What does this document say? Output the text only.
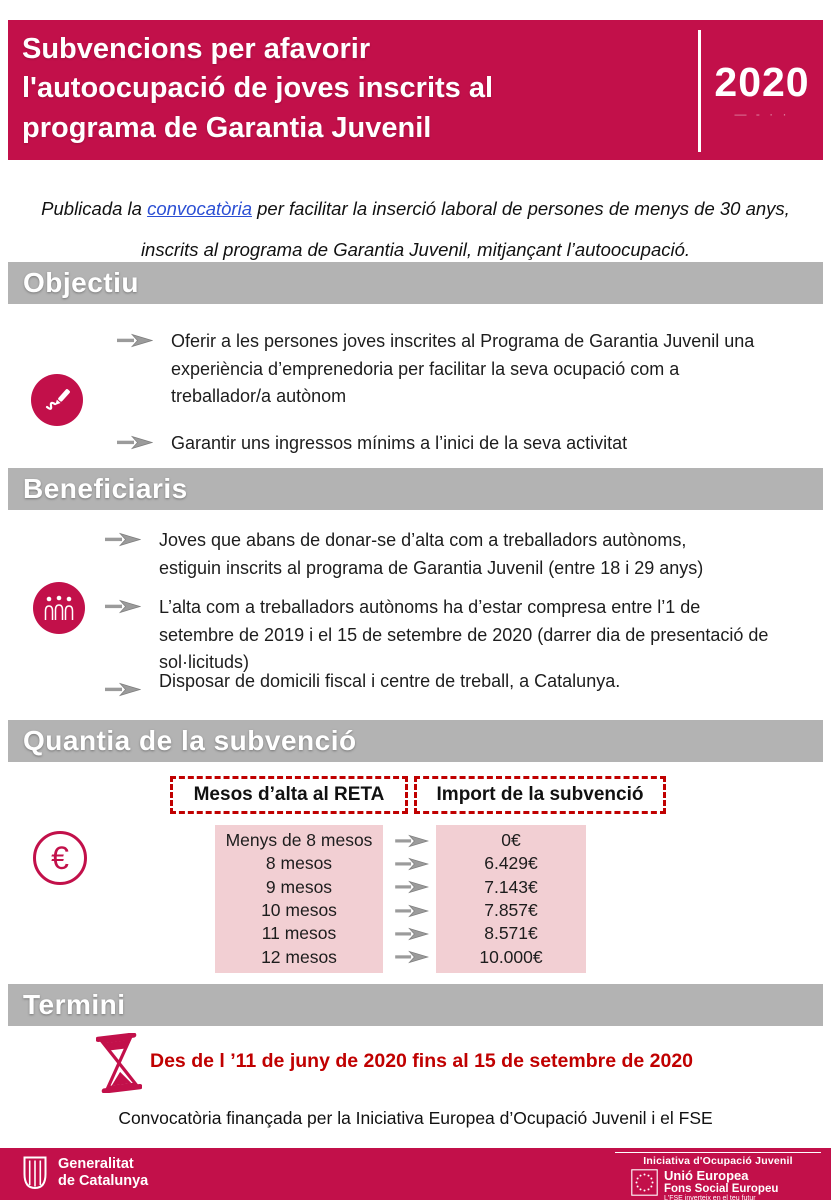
Subvencions per afavorir
l'autoocupació de joves inscrits al
programa de Garantia Juvenil
2020
— - · ·
Publicada la convocatòria per facilitar la inserció laboral de persones de menys de 30 anys,
inscrits al programa de Garantia Juvenil, mitjançant l’autoocupació.
Objectiu
Beneficiaris
Quantia de la subvenció
Termini
Oferir a les persones joves inscrites al Programa de Garantia Juvenil una experiència d’emprenedoria per facilitar la seva ocupació com a treballador/a autònom
Garantir uns ingressos mínims a l’inici de la seva activitat
Joves que abans de donar-se d’alta com a treballadors autònoms, estiguin inscrits al programa de Garantia Juvenil (entre 18 i 29 anys)
L’alta com a treballadors autònoms ha d’estar compresa entre l’1 de setembre de 2019 i el 15 de setembre de 2020 (darrer dia de presentació de sol·licituds)
Disposar de domicili fiscal i centre de treball, a Catalunya.
€
Mesos d’alta al RETA	Import de la subvenció
Menys de 8 mesos
8 mesos
9 mesos
10 mesos
11 mesos
12 mesos
0€
6.429€
7.143€
7.857€
8.571€
10.000€
Des de l ’11 de juny de 2020 fins al 15 de setembre de 2020
Convocatòria finançada per la Iniciativa Europea d’Ocupació Juvenil i el FSE
Generalitat
de Catalunya
Iniciativa d'Ocupació Juvenil
Unió Europea
Fons Social Europeu
L'FSE inverteix en el teu futur
